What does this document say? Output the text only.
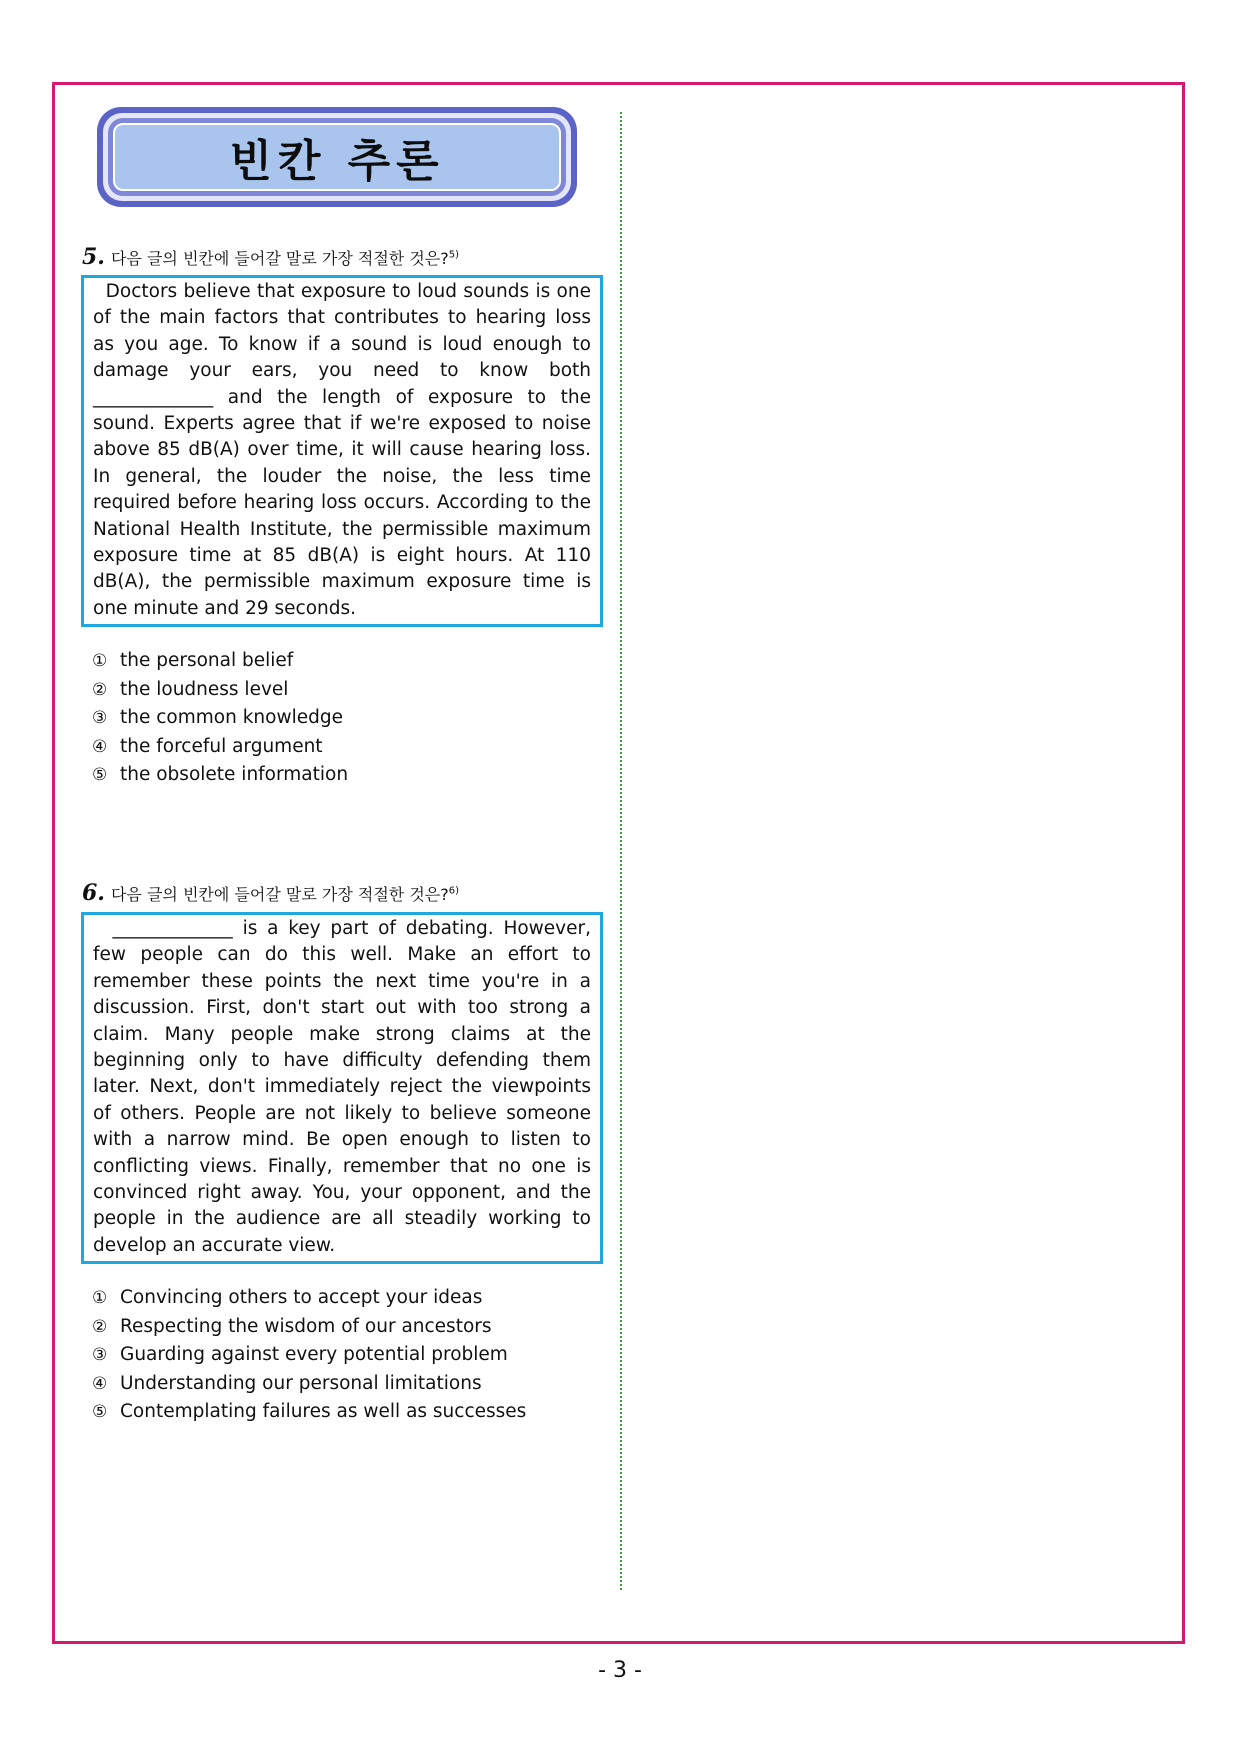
빈칸 추론
5. 다음 글의 빈칸에 들어갈 말로 가장 적절한 것은?$^{5)}$
Doctors believe that exposure to loud sounds is one of the main factors that contributes to hearing loss as you age. To know if a sound is loud enough to damage your ears, you need to know both _____________ and the length of exposure to the sound. Experts agree that if we're exposed to noise above 85 dB(A) over time, it will cause hearing loss. In general, the louder the noise, the less time required before hearing loss occurs. According to the National Health Institute, the permissible maximum exposure time at 85 dB(A) is eight hours. At 110 dB(A), the permissible maximum exposure time is one minute and 29 seconds.
① the personal belief
② the loudness level
③ the common knowledge
④ the forceful argument
⑤ the obsolete information
6. 다음 글의 빈칸에 들어갈 말로 가장 적절한 것은?$^{6)}$
_____________ is a key part of debating. However, few people can do this well. Make an effort to remember these points the next time you're in a discussion. First, don't start out with too strong a claim. Many people make strong claims at the beginning only to have difficulty defending them later. Next, don't immediately reject the viewpoints of others. People are not likely to believe someone with a narrow mind. Be open enough to listen to conflicting views. Finally, remember that no one is convinced right away. You, your opponent, and the people in the audience are all steadily working to develop an accurate view.
① Convincing others to accept your ideas
② Respecting the wisdom of our ancestors
③ Guarding against every potential problem
④ Understanding our personal limitations
⑤ Contemplating failures as well as successes
- 3 -
